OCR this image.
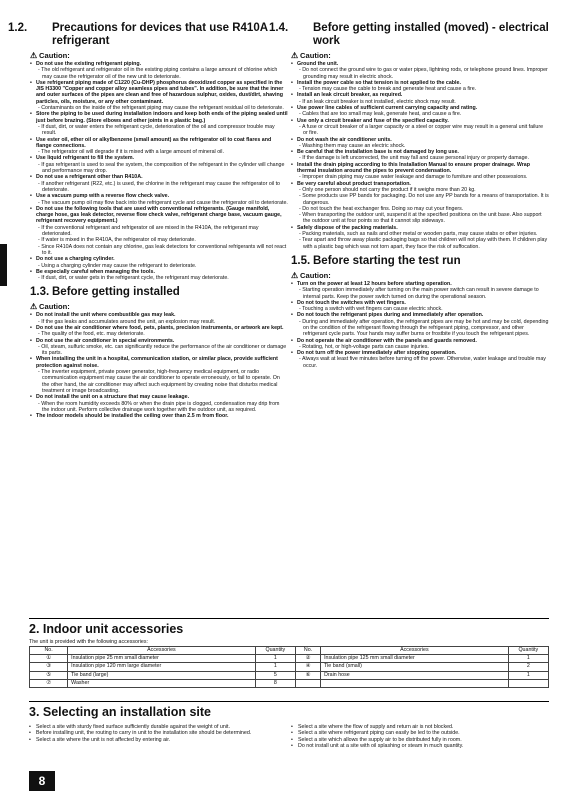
1.2. Precautions for devices that use R410A refrigerant
⚠ Caution:
• Do not use the existing refrigerant piping.
- The old refrigerant and refrigerator oil in the existing piping contains a large amount of chlorine which may cause the refrigerator oil of the new unit to deteriorate.
• Use refrigerant piping made of C1220 (Cu-DHP) phosphorus deoxidized copper as specified in the JIS H3300 "Copper and copper alloy seamless pipes and tubes". In addition, be sure that the inner and outer surfaces of the pipes are clean and free of hazardous sulphur, oxides, dust/dirt, shaving particles, oils, moisture, or any other contaminant.
- Contaminants on the inside of the refrigerant piping may cause the refrigerant residual oil to deteriorate.
• Store the piping to be used during installation indoors and keep both ends of the piping sealed until just before brazing. (Store elbows and other joints in a plastic bag.)
- If dust, dirt, or water enters the refrigerant cycle, deterioration of the oil and compressor trouble may result.
• Use ester oil, ether oil or alkylbenzene (small amount) as the refrigerator oil to coat flares and flange connections.
- The refrigerator oil will degrade if it is mixed with a large amount of mineral oil.
• Use liquid refrigerant to fill the system.
- If gas refrigerant is used to seal the system, the composition of the refrigerant in the cylinder will change and performance may drop.
• Do not use a refrigerant other than R410A.
- If another refrigerant (R22, etc.) is used, the chlorine in the refrigerant may cause the refrigerator oil to deteriorate.
• Use a vacuum pump with a reverse flow check valve.
- The vacuum pump oil may flow back into the refrigerant cycle and cause the refrigerator oil to deteriorate.
• Do not use the following tools that are used with conventional refrigerants. (Gauge manifold, charge hose, gas leak detector, reverse flow check valve, refrigerant charge base, vacuum gauge, refrigerant recovery equipment.)
- If the conventional refrigerant and refrigerator oil are mixed in the R410A, the refrigerant may deteriorated.
- If water is mixed in the R410A, the refrigerator oil may deteriorate.
- Since R410A does not contain any chlorine, gas leak detectors for conventional refrigerants will not react to it.
• Do not use a charging cylinder.
- Using a charging cylinder may cause the refrigerant to deteriorate.
• Be especially careful when managing the tools.
- If dust, dirt, or water gets in the refrigerant cycle, the refrigerant may deteriorate.
1.3. Before getting installed
⚠ Caution:
• Do not install the unit where combustible gas may leak.
- If the gas leaks and accumulates around the unit, an explosion may result.
• Do not use the air conditioner where food, pets, plants, precision instruments, or artwork are kept.
- The quality of the food, etc. may deteriorate.
• Do not use the air conditioner in special environments.
- Oil, steam, sulfuric smoke, etc. can significantly reduce the performance of the air conditioner or damage its parts.
• When installing the unit in a hospital, communication station, or similar place, provide sufficient protection against noise.
- The inverter equipment, private power generator, high-frequency medical equipment, or radio communication equipment may cause the air conditioner to operate erroneously, or fail to operate. On the other hand, the air conditioner may affect such equipment by creating noise that disturbs medical treatment or image broadcasting.
• Do not install the unit on a structure that may cause leakage.
- When the room humidity exceeds 80% or when the drain pipe is clogged, condensation may drip from the indoor unit. Perform collective drainage work together with the outdoor unit, as required.
• The indoor models should be installed the ceiling over than 2.5 m from floor.
1.4. Before getting installed (moved) - electrical work
⚠ Caution:
• Ground the unit.
- Do not connect the ground wire to gas or water pipes, lightning rods, or telephone ground lines. Improper grounding may result in electric shock.
• Install the power cable so that tension is not applied to the cable.
- Tension may cause the cable to break and generate heat and cause a fire.
• Install an leak circuit breaker, as required.
- If an leak circuit breaker is not installed, electric shock may result.
• Use power line cables of sufficient current carrying capacity and rating.
- Cables that are too small may leak, generate heat, and cause a fire.
• Use only a circuit breaker and fuse of the specified capacity.
- A fuse or circuit breaker of a larger capacity or a steel or copper wire may result in a general unit failure or fire.
• Do not wash the air conditioner units.
- Washing them may cause an electric shock.
• Be careful that the installation base is not damaged by long use.
- If the damage is left uncorrected, the unit may fall and cause personal injury or property damage.
• Install the drain piping according to this Installation Manual to ensure proper drainage. Wrap thermal insulation around the pipes to prevent condensation.
- Improper drain piping may cause water leakage and damage to furniture and other possessions.
• Be very careful about product transportation.
- Only one person should not carry the product if it weighs more than 20 kg.
- Some products use PP bands for packaging. Do not use any PP bands for a means of transportation. It is dangerous.
- Do not touch the heat exchanger fins. Doing so may cut your fingers.
- When transporting the outdoor unit, suspend it at the specified positions on the unit base. Also support the outdoor unit at four points so that it cannot slip sideways.
• Safely dispose of the packing materials.
- Packing materials, such as nails and other metal or wooden parts, may cause stabs or other injuries.
- Tear apart and throw away plastic packaging bags so that children will not play with them. If children play with a plastic bag which was not torn apart, they face the risk of suffocation.
1.5. Before starting the test run
⚠ Caution:
• Turn on the power at least 12 hours before starting operation.
- Starting operation immediately after turning on the main power switch can result in severe damage to internal parts. Keep the power switch turned on during the operational season.
• Do not touch the switches with wet fingers.
- Touching a switch with wet fingers can cause electric shock.
• Do not touch the refrigerant pipes during and immediately after operation.
- During and immediately after operation, the refrigerant pipes are may be hot and may be cold, depending on the condition of the refrigerant flowing through the refrigerant piping, compressor, and other refrigerant cycle parts. Your hands may suffer burns or frostbite if you touch the refrigerant pipes.
• Do not operate the air conditioner with the panels and guards removed.
- Rotating, hot, or high-voltage parts can cause injuries.
• Do not turn off the power immediately after stopping operation.
- Always wait at least five minutes before turning off the power. Otherwise, water leakage and trouble may occur.
2. Indoor unit accessories
The unit is provided with the following accessories:
No.	Accessories	Quantity	No.	Accessories	Quantity
①	Insulation pipe 25 mm small diameter	1	②	Insulation pipe 125 mm small diameter	1
③	Insulation pipe 120 mm large diameter	1	④	Tie band (small)	2
⑤	Tie band (large)	5	⑥	Drain hose	1
⑦	Washer	8			
3. Selecting an installation site
• Select a site with sturdy fixed surface sufficiently durable against the weight of unit.
• Before installing unit, the routing to carry in unit to the installation site should be determined.
• Select a site where the unit is not affected by entering air.
• Select a site where the flow of supply and return air is not blocked.
• Select a site where refrigerant piping can easily be led to the outside.
• Select a site which allows the supply air to be distributed fully in room.
• Do not install unit at a site with oil splashing or steam in much quantity.
8
